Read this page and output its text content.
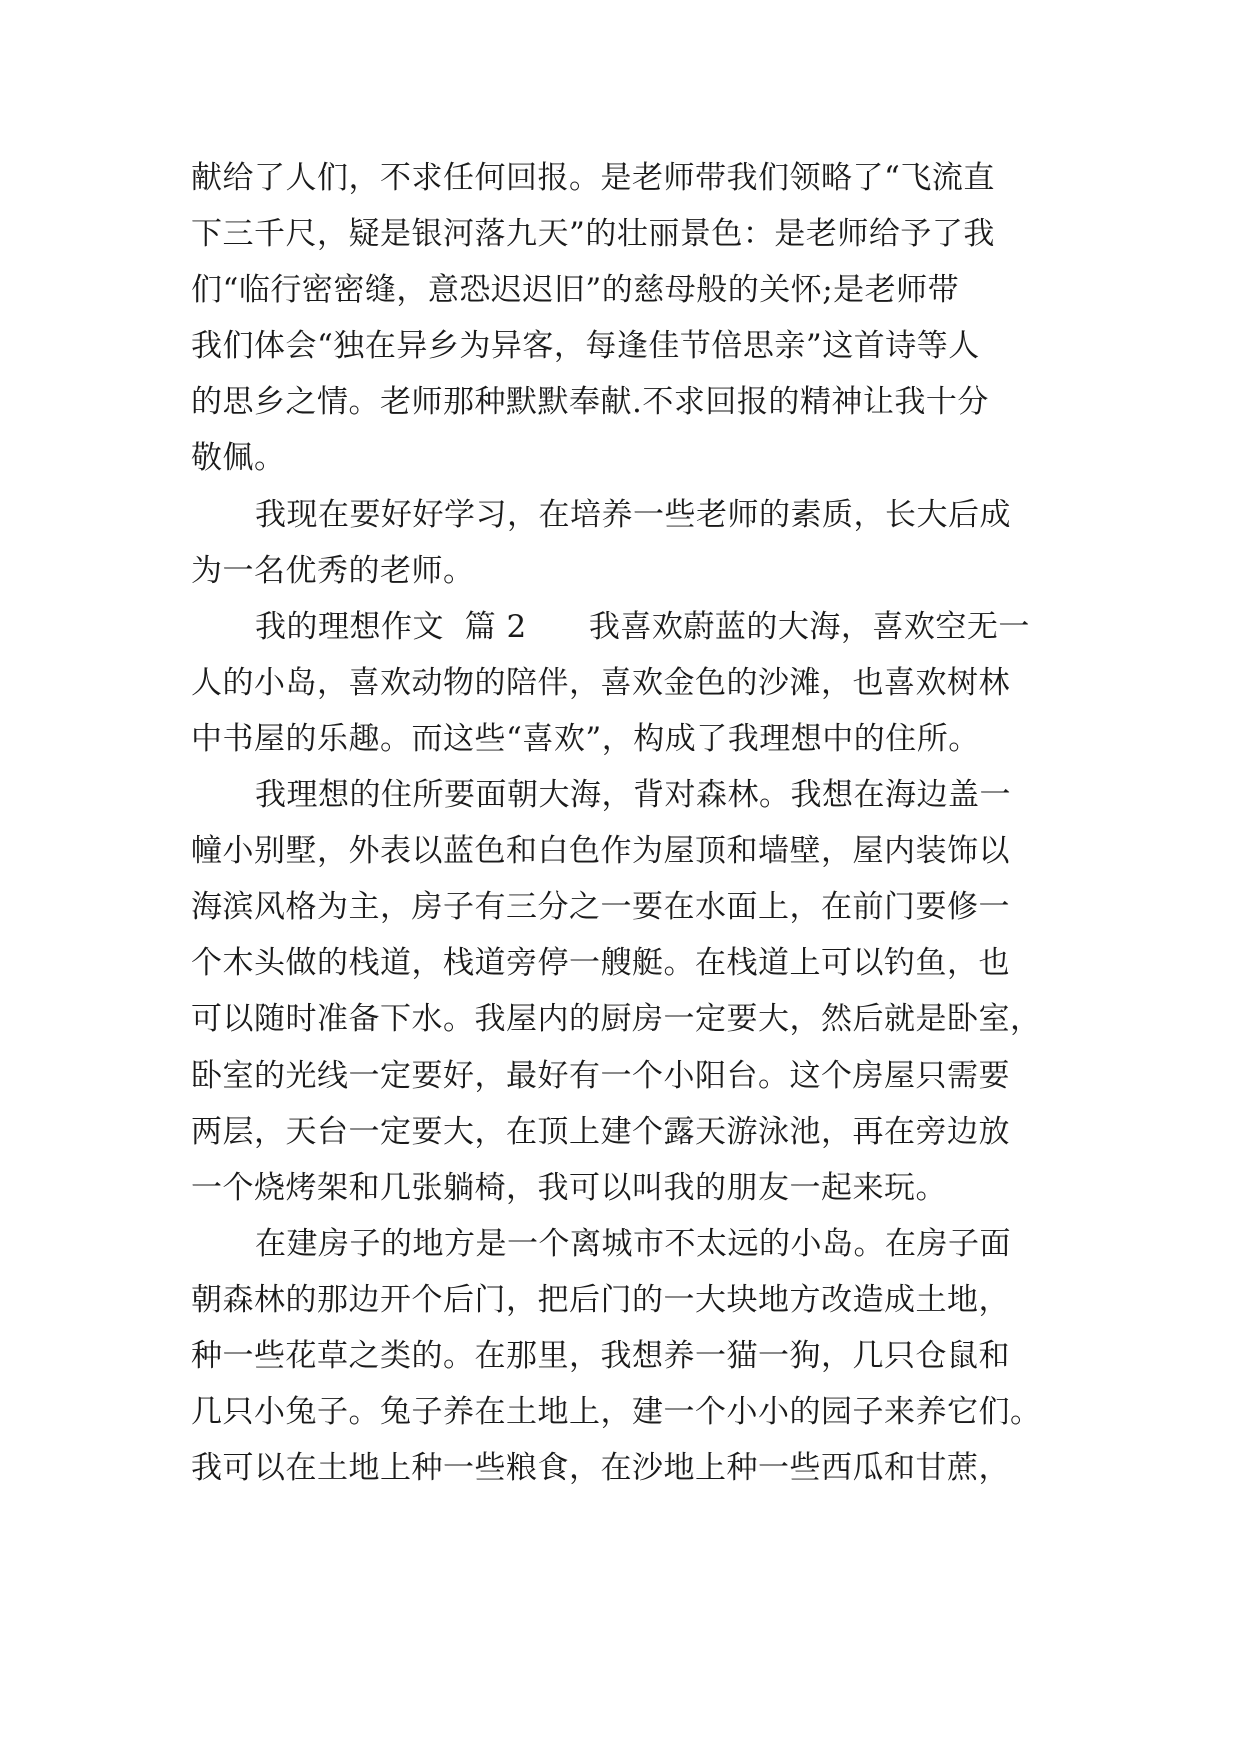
献给了人们，不求任何回报。是老师带我们领略了“飞流直
下三千尺，疑是银河落九天”的壮丽景色：是老师给予了我
们“临行密密缝，意恐迟迟旧”的慈母般的关怀;是老师带
我们体会“独在异乡为异客，每逢佳节倍思亲”这首诗等人
的思乡之情。老师那种默默奉献.不求回报的精神让我十分
敬佩。
我现在要好好学习，在培养一些老师的素质，长大后成
为一名优秀的老师。
我的理想作文  篇 2      我喜欢蔚蓝的大海，喜欢空无一
人的小岛，喜欢动物的陪伴，喜欢金色的沙滩，也喜欢树林
中书屋的乐趣。而这些“喜欢”，构成了我理想中的住所。
我理想的住所要面朝大海，背对森林。我想在海边盖一
幢小别墅，外表以蓝色和白色作为屋顶和墙壁，屋内装饰以
海滨风格为主，房子有三分之一要在水面上，在前门要修一
个木头做的栈道，栈道旁停一艘艇。在栈道上可以钓鱼，也
可以随时准备下水。我屋内的厨房一定要大，然后就是卧室，
卧室的光线一定要好，最好有一个小阳台。这个房屋只需要
两层，天台一定要大，在顶上建个露天游泳池，再在旁边放
一个烧烤架和几张躺椅，我可以叫我的朋友一起来玩。
在建房子的地方是一个离城市不太远的小岛。在房子面
朝森林的那边开个后门，把后门的一大块地方改造成土地，
种一些花草之类的。在那里，我想养一猫一狗，几只仓鼠和
几只小兔子。兔子养在土地上，建一个小小的园子来养它们。
我可以在土地上种一些粮食，在沙地上种一些西瓜和甘蔗，
